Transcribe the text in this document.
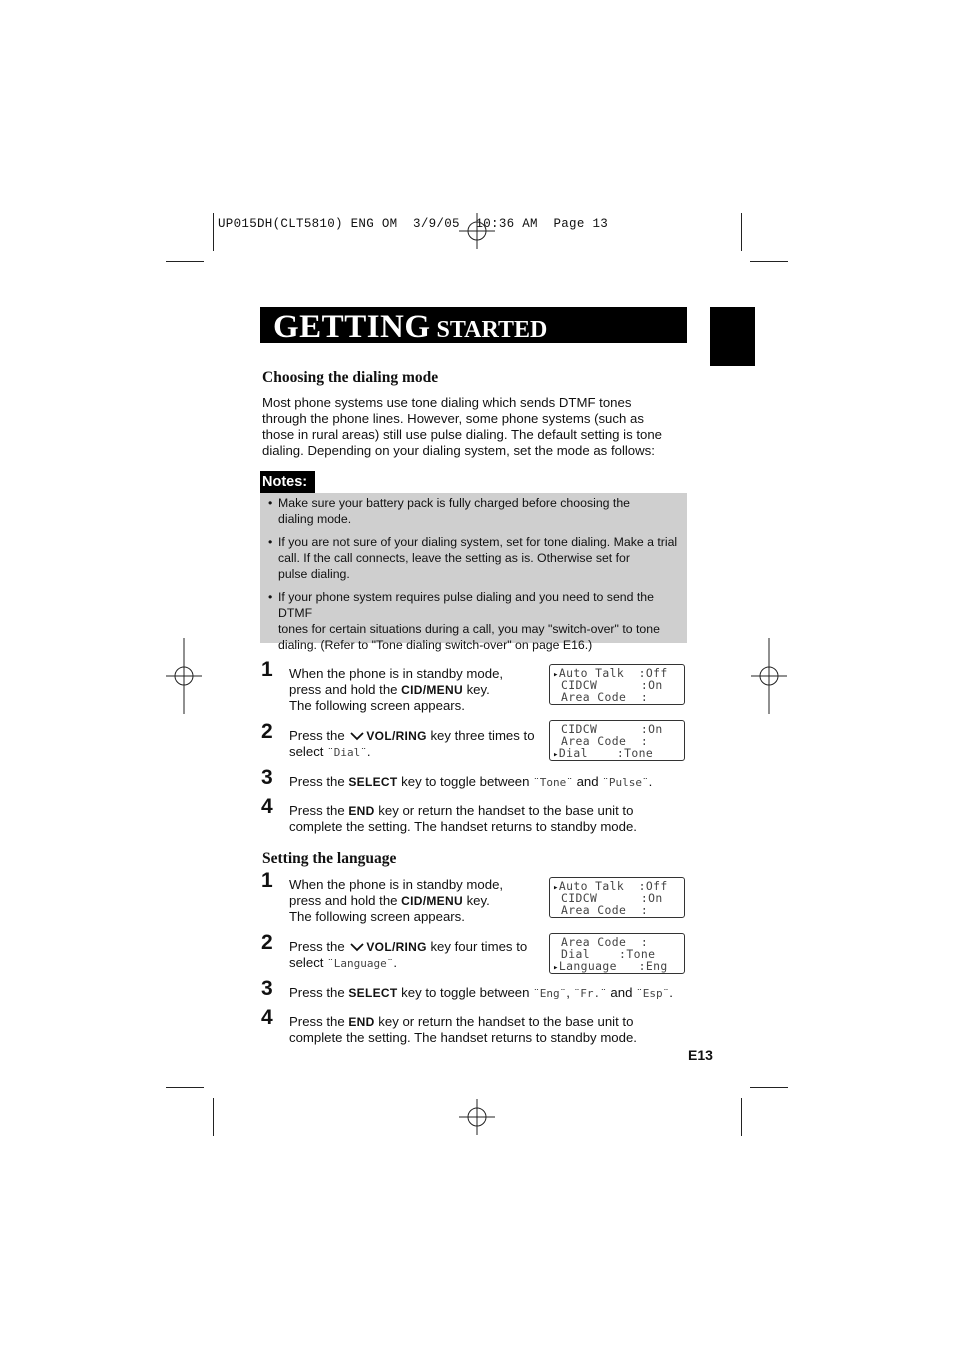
UP015DH(CLT5810) ENG OM  3/9/05  10:36 AM  Page 13
GETTING STARTED
Choosing the dialing mode
Most phone systems use tone dialing which sends DTMF tones
through the phone lines. However, some phone systems (such as
those in rural areas) still use pulse dialing. The default setting is tone
dialing. Depending on your dialing system, set the mode as follows:
Notes:
• Make sure your battery pack is fully charged before choosing the
dialing mode.
• If you are not sure of your dialing system, set for tone dialing. Make a trial
call. If the call connects, leave the setting as is. Otherwise set for
pulse dialing.
• If your phone system requires pulse dialing and you need to send the DTMF
tones for certain situations during a call, you may "switch-over" to tone
dialing. (Refer to "Tone dialing switch-over" on page E16.)
1 When the phone is in standby mode,
press and hold the CID/MENU key.
The following screen appears.
▸Auto Talk  :Off
CIDCW      :On
Area Code  :
2 Press the VOL/RING key three times to
select ¨Dial¨.
CIDCW      :On
Area Code  :
▸Dial    :Tone
3 Press the SELECT key to toggle between ¨Tone¨ and ¨Pulse¨.
4 Press the END key or return the handset to the base unit to
complete the setting. The handset returns to standby mode.
Setting the language
1 When the phone is in standby mode,
press and hold the CID/MENU key.
The following screen appears.
▸Auto Talk  :Off
CIDCW      :On
Area Code  :
2 Press the VOL/RING key four times to
select ¨Language¨.
Area Code  :
Dial    :Tone
▸Language   :Eng
3 Press the SELECT key to toggle between ¨Eng¨, ¨Fr.¨ and ¨Esp¨.
4 Press the END key or return the handset to the base unit to
complete the setting. The handset returns to standby mode.
E13
